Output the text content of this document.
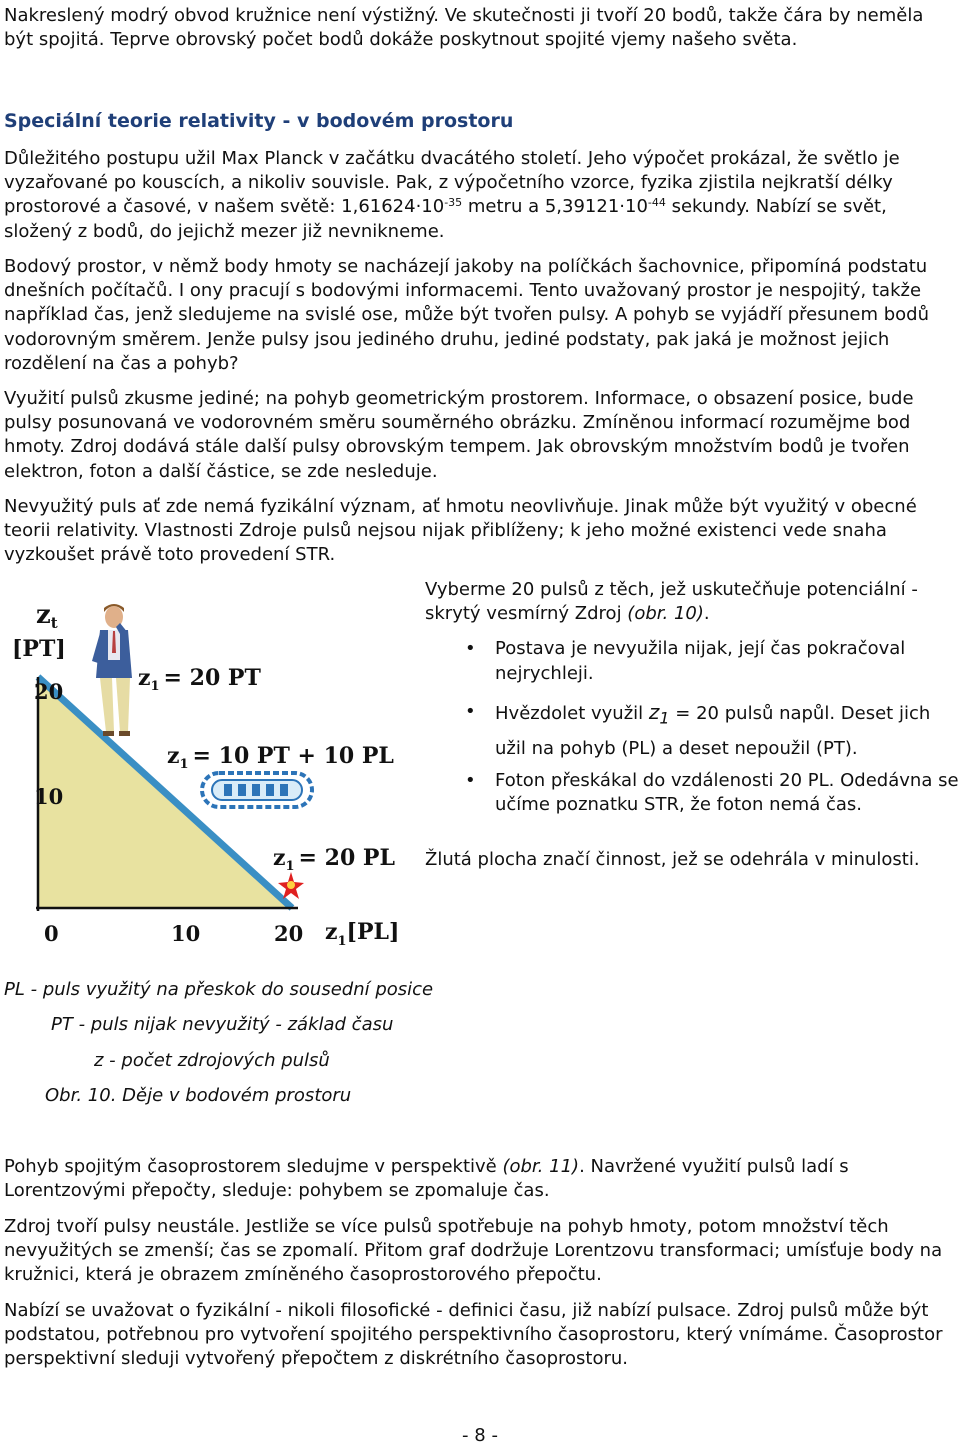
Nakreslený modrý obvod kružnice není výstižný. Ve skutečnosti ji tvoří 20 bodů, takže čára by neměla být spojitá. Teprve obrovský počet bodů dokáže poskytnout spojité vjemy našeho světa.

Speciální teorie relativity - v bodovém prostoru

Důležitého postupu užil Max Planck v začátku dvacátého století. Jeho výpočet prokázal, že světlo je vyzařované po kouscích, a nikoliv souvisle. Pak, z výpočetního vzorce, fyzika zjistila nejkratší délky prostorové a časové, v našem světě: $1,61624\cdot 10^{-35}$ metru a $5,39121\cdot 10^{-44}$ sekundy. Nabízí se svět, složený z bodů, do jejichž mezer již nevnikneme.

Bodový prostor, v němž body hmoty se nacházejí jakoby na políčkách šachovnice, připomíná podstatu dnešních počítačů. I ony pracují s bodovými informacemi. Tento uvažovaný prostor je nespojitý, takže například čas, jenž sledujeme na svislé ose, může být tvořen pulsy. A pohyb se vyjádří přesunem bodů vodorovným směrem. Jenže pulsy jsou jediného druhu, jediné podstaty, pak jaká je možnost jejich rozdělení na čas a pohyb?

Využití pulsů zkusme jediné; na pohyb geometrickým prostorem. Informace, o obsazení posice, bude pulsy posunovaná ve vodorovném směru souměrného obrázku. Zmíněnou informací rozumějme bod hmoty. Zdroj dodává stále další pulsy obrovským tempem. Jak obrovským množstvím bodů je tvořen elektron, foton a další částice, se zde nesleduje.

Nevyužitý puls ať zde nemá fyzikální význam, ať hmotu neovlivňuje. Jinak může být využitý v obecné teorii relativity. Vlastnosti Zdroje pulsů nejsou nijak přiblíženy; k jeho možné existenci vede snaha vyzkoušet právě toto provedení STR.

zt
[PT]
20
10
0	10	20 $z_1[PL]$
$z_1 = 20$ PT
$z_1 = 10$ PT + 10 PL
$z_1 = 20$ PL
Vyberme 20 pulsů z těch, jež uskutečňuje potenciální - skrytý vesmírný Zdroj (obr. 10).
• Postava je nevyužila nijak, její čas pokračoval nejrychleji.
• Hvězdolet využil $z_1 = 20$ pulsů napůl. Deset jich užil na pohyb (PL) a deset nepoužil (PT).
• Foton přeskákal do vzdálenosti 20 PL. Odedávna se učíme poznatku STR, že foton nemá čas.
Žlutá plocha značí činnost, jež se odehrála v minulosti.
PL - puls využitý na přeskok do sousední posice
PT - puls nijak nevyužitý - základ času
z - počet zdrojových pulsů
Obr. 10. Děje v bodovém prostoru

Pohyb spojitým časoprostorem sledujme v perspektivě (obr. 11). Navržené využití pulsů ladí s Lorentzovými přepočty, sleduje: pohybem se zpomaluje čas.

Zdroj tvoří pulsy neustále. Jestliže se více pulsů spotřebuje na pohyb hmoty, potom množství těch nevyužitých se zmenší; čas se zpomalí. Přitom graf dodržuje Lorentzovu transformaci; umísťuje body na kružnici, která je obrazem zmíněného časoprostorového přepočtu.

Nabízí se uvažovat o fyzikální - nikoli filosofické - definici času, již nabízí pulsace. Zdroj pulsů může být podstatou, potřebnou pro vytvoření spojitého perspektivního časoprostoru, který vnímáme. Časoprostor perspektivní sleduji vytvořený přepočtem z diskrétního časoprostoru.

- 8 -
